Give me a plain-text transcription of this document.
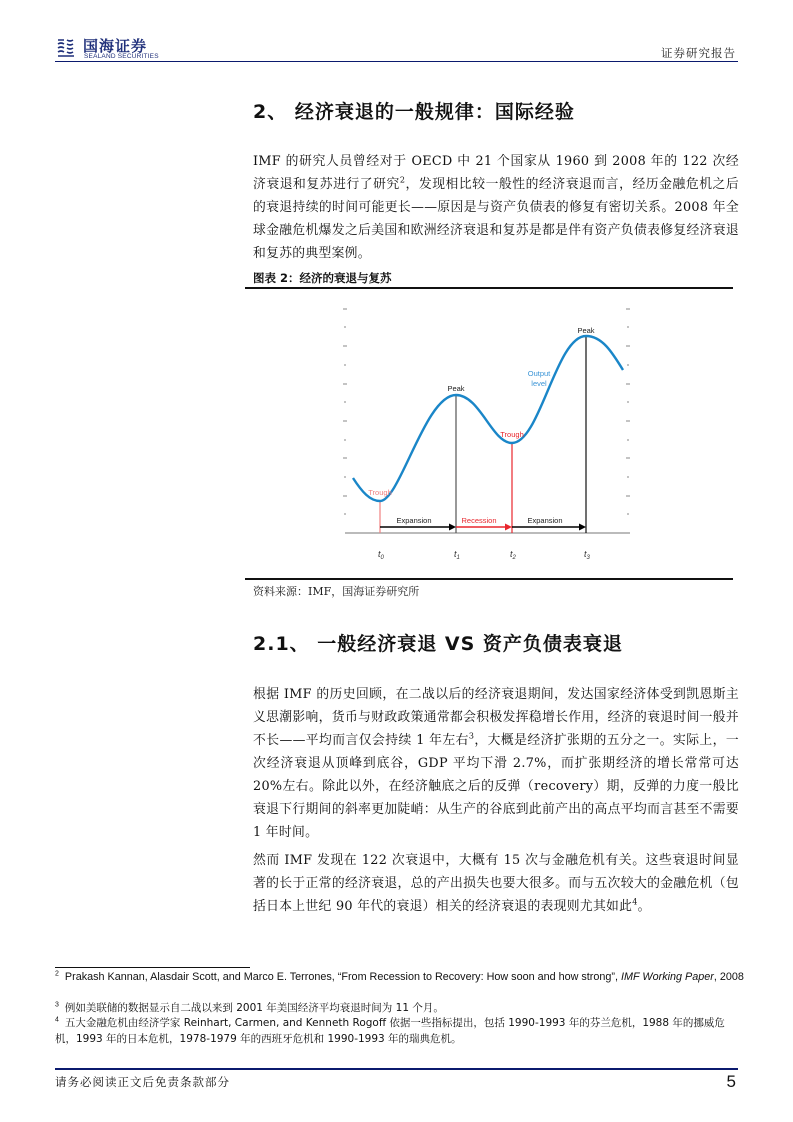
国海证券
SEALAND SECURITIES	证券研究报告
2、 经济衰退的一般规律：国际经验
IMF 的研究人员曾经对于 OECD 中 21 个国家从 1960 到 2008 年的 122 次经济衰退和复苏进行了研究$^2$，发现相比较一般性的经济衰退而言，经历金融危机之后的衰退持续的时间可能更长——原因是与资产负债表的修复有密切关系。2008 年全球金融危机爆发之后美国和欧洲经济衰退和复苏是都是伴有资产负债表修复经济衰退和复苏的典型案例。
图表 2：经济的衰退与复苏
Peak
Peak
Trough
Trough
Output
level
Expansion	Recession	Expansion
$t_0$	$t_1$	$t_2$	$t_3$
资料来源：IMF，国海证券研究所
2.1、 一般经济衰退 VS 资产负债表衰退
根据 IMF 的历史回顾，在二战以后的经济衰退期间，发达国家经济体受到凯恩斯主义思潮影响，货币与财政政策通常都会积极发挥稳增长作用，经济的衰退时间一般并不长——平均而言仅会持续 1 年左右$^3$，大概是经济扩张期的五分之一。实际上，一次经济衰退从顶峰到底谷，GDP 平均下滑 2.7%，而扩张期经济的增长常常可达 20%左右。除此以外，在经济触底之后的反弹（recovery）期，反弹的力度一般比衰退下行期间的斜率更加陡峭：从生产的谷底到此前产出的高点平均而言甚至不需要 1 年时间。
然而 IMF 发现在 122 次衰退中，大概有 15 次与金融危机有关。这些衰退时间显著的长于正常的经济衰退，总的产出损失也要大很多。而与五次较大的金融危机（包括日本上世纪 90 年代的衰退）相关的经济衰退的表现则尤其如此$^4$。
$^2$ Prakash Kannan, Alasdair Scott, and Marco E. Terrones, “From Recession to Recovery: How soon and how strong”, IMF Working Paper, 2008
$^3$ 例如美联储的数据显示自二战以来到 2001 年美国经济平均衰退时间为 11 个月。
$^4$ 五大金融危机由经济学家 Reinhart, Carmen, and Kenneth Rogoff 依据一些指标提出，包括 1990-1993 年的芬兰危机，1988 年的挪威危机，1993 年的日本危机，1978-1979 年的西班牙危机和 1990-1993 年的瑞典危机。
请务必阅读正文后免责条款部分	5
